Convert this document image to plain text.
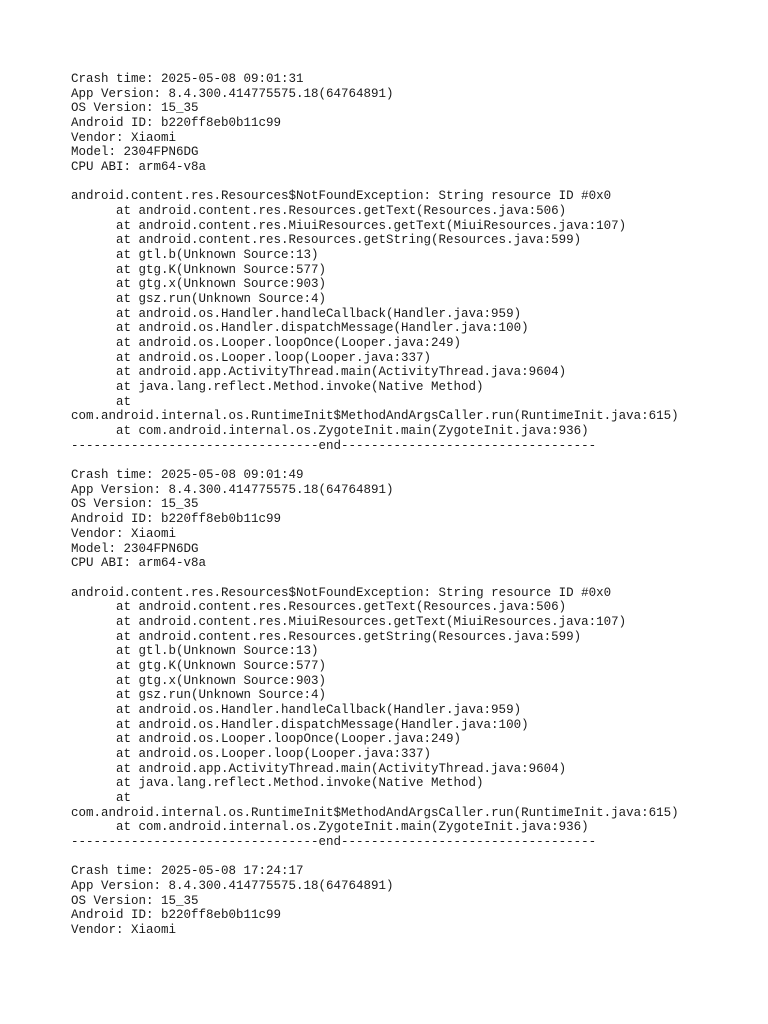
Crash time: 2025-05-08 09:01:31
App Version: 8.4.300.414775575.18(64764891)
OS Version: 15_35
Android ID: b220ff8eb0b11c99
Vendor: Xiaomi
Model: 2304FPN6DG
CPU ABI: arm64-v8a

android.content.res.Resources$NotFoundException: String resource ID #0x0
at android.content.res.Resources.getText(Resources.java:506)
at android.content.res.MiuiResources.getText(MiuiResources.java:107)
at android.content.res.Resources.getString(Resources.java:599)
at gtl.b(Unknown Source:13)
at gtg.K(Unknown Source:577)
at gtg.x(Unknown Source:903)
at gsz.run(Unknown Source:4)
at android.os.Handler.handleCallback(Handler.java:959)
at android.os.Handler.dispatchMessage(Handler.java:100)
at android.os.Looper.loopOnce(Looper.java:249)
at android.os.Looper.loop(Looper.java:337)
at android.app.ActivityThread.main(ActivityThread.java:9604)
at java.lang.reflect.Method.invoke(Native Method)
at
com.android.internal.os.RuntimeInit$MethodAndArgsCaller.run(RuntimeInit.java:615)
at com.android.internal.os.ZygoteInit.main(ZygoteInit.java:936)
---------------------------------end----------------------------------

Crash time: 2025-05-08 09:01:49
App Version: 8.4.300.414775575.18(64764891)
OS Version: 15_35
Android ID: b220ff8eb0b11c99
Vendor: Xiaomi
Model: 2304FPN6DG
CPU ABI: arm64-v8a

android.content.res.Resources$NotFoundException: String resource ID #0x0
at android.content.res.Resources.getText(Resources.java:506)
at android.content.res.MiuiResources.getText(MiuiResources.java:107)
at android.content.res.Resources.getString(Resources.java:599)
at gtl.b(Unknown Source:13)
at gtg.K(Unknown Source:577)
at gtg.x(Unknown Source:903)
at gsz.run(Unknown Source:4)
at android.os.Handler.handleCallback(Handler.java:959)
at android.os.Handler.dispatchMessage(Handler.java:100)
at android.os.Looper.loopOnce(Looper.java:249)
at android.os.Looper.loop(Looper.java:337)
at android.app.ActivityThread.main(ActivityThread.java:9604)
at java.lang.reflect.Method.invoke(Native Method)
at
com.android.internal.os.RuntimeInit$MethodAndArgsCaller.run(RuntimeInit.java:615)
at com.android.internal.os.ZygoteInit.main(ZygoteInit.java:936)
---------------------------------end----------------------------------

Crash time: 2025-05-08 17:24:17
App Version: 8.4.300.414775575.18(64764891)
OS Version: 15_35
Android ID: b220ff8eb0b11c99
Vendor: Xiaomi
